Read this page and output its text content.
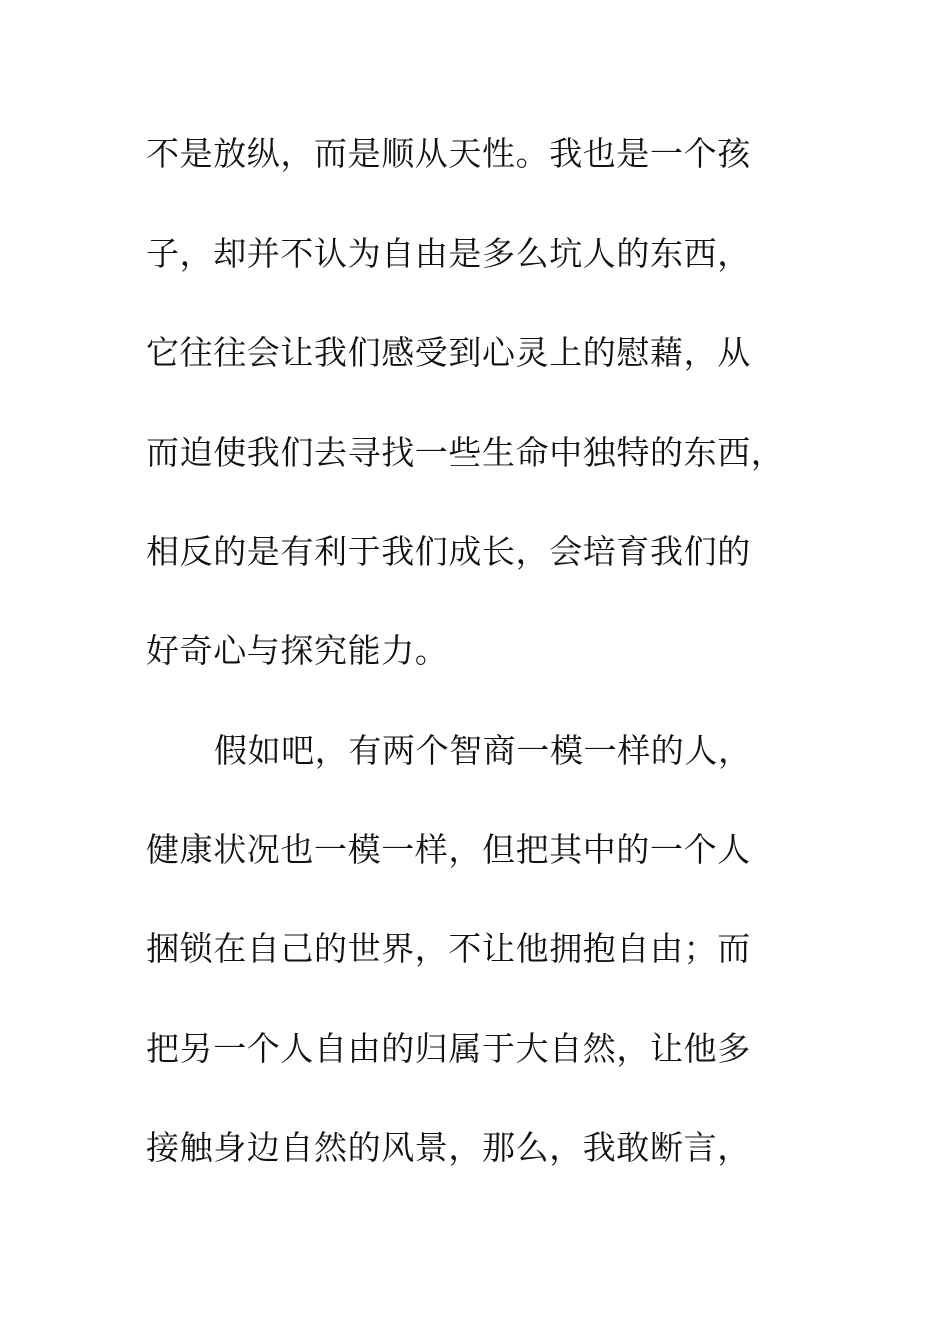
不是放纵，而是顺从天性。我也是一个孩

子，却并不认为自由是多么坑人的东西，

它往往会让我们感受到心灵上的慰藉，从

而迫使我们去寻找一些生命中独特的东西，

相反的是有利于我们成长，会培育我们的

好奇心与探究能力。

假如吧，有两个智商一模一样的人，

健康状况也一模一样，但把其中的一个人

捆锁在自己的世界，不让他拥抱自由；而

把另一个人自由的归属于大自然，让他多

接触身边自然的风景，那么，我敢断言，
